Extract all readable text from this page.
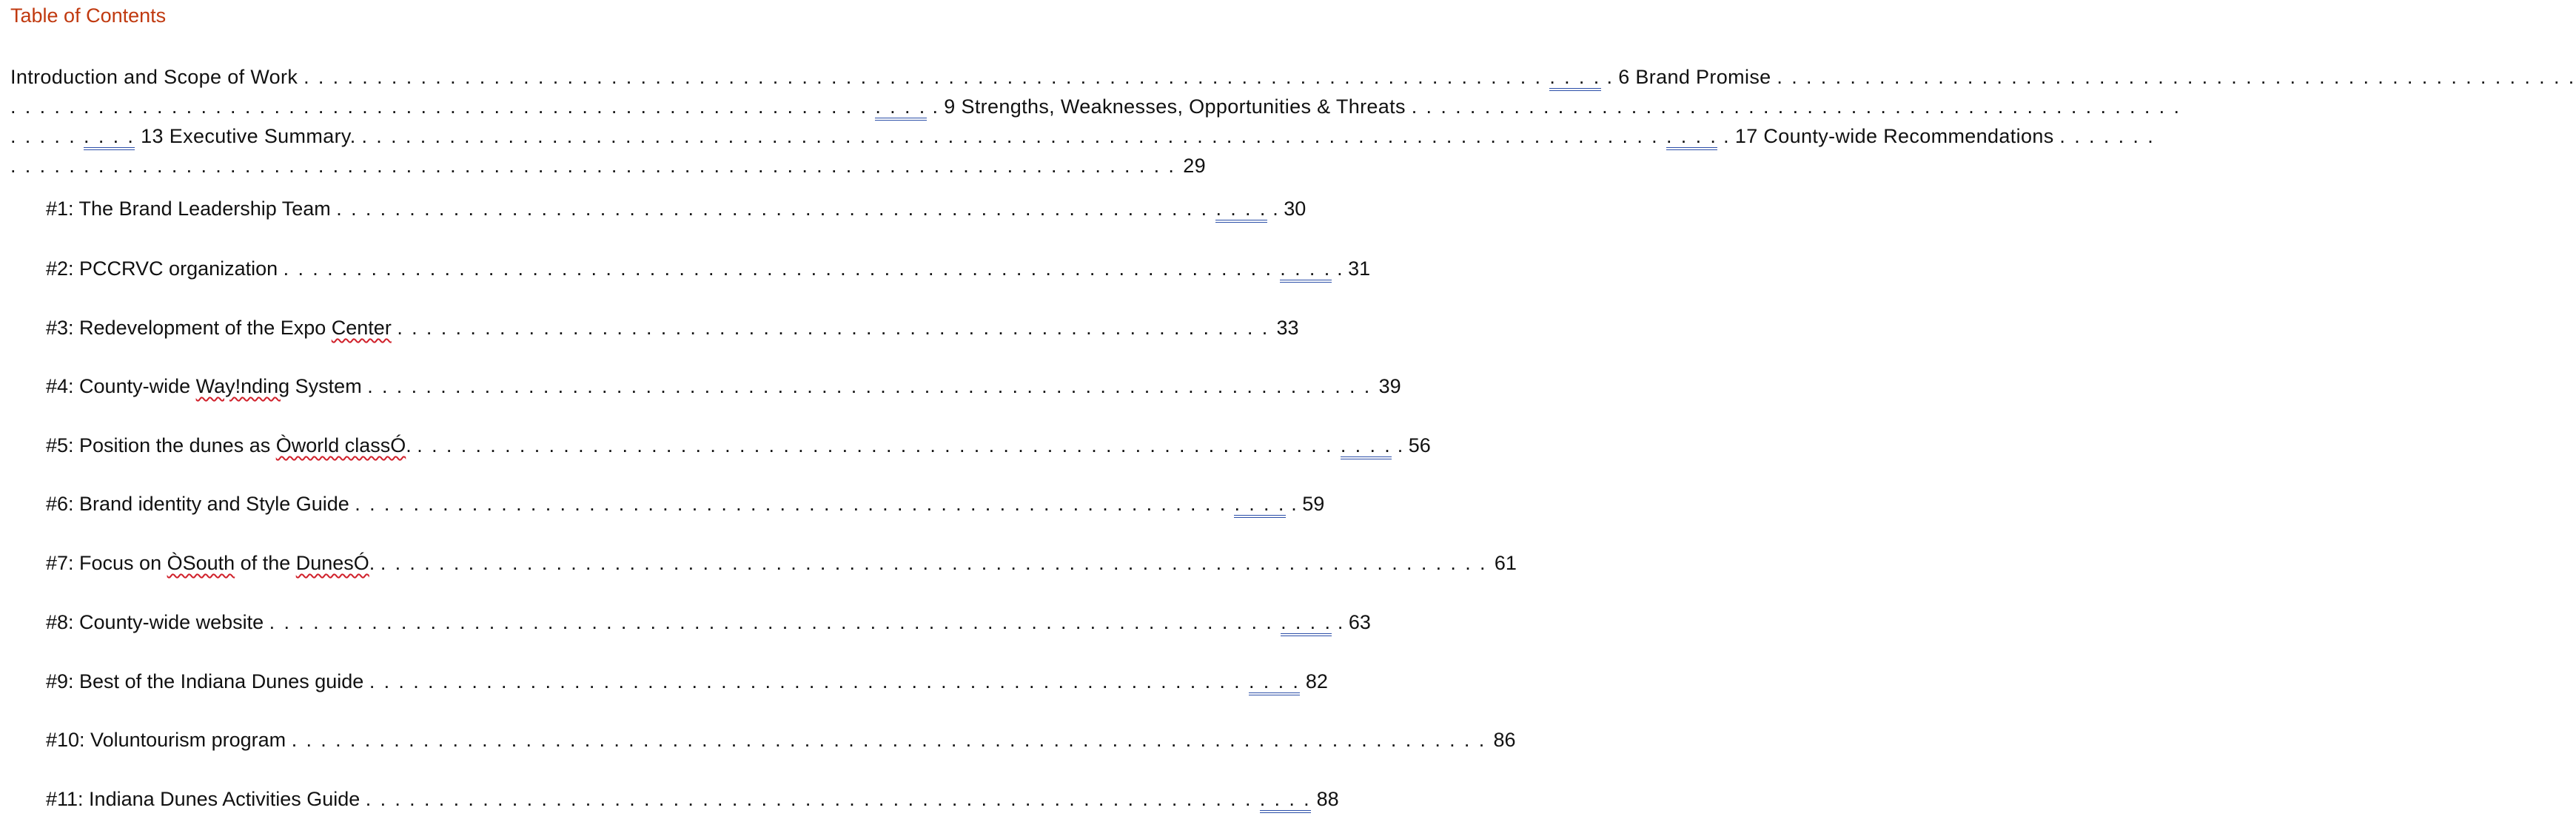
Table of Contents
Introduction and Scope of Work . . . . . . . . . . . . . . . . . . . . . . . . . . . . . . . . . . . . . . . . . . . . . . . . . . . . . . . . . . . . . . . . . . . . . . . . . . . . . . . . . . . . . . . . . . 6 Brand Promise . . . . . . . . . . . . . . . . . . . . . . . . . . . . . . . . . . . . . . . . . . . . . . . . . . . . . . .
. . . . . . . . . . . . . . . . . . . . . . . . . . . . . . . . . . . . . . . . . . . . . . . . . . . . . . . . . . . . . . . . 9 Strengths, Weaknesses, Opportunities & Threats . . . . . . . . . . . . . . . . . . . . . . . . . . . . . . . . . . . . . . . . . . . . . . . . . . . . .
. . . . . . . . . 13 Executive Summary. . . . . . . . . . . . . . . . . . . . . . . . . . . . . . . . . . . . . . . . . . . . . . . . . . . . . . . . . . . . . . . . . . . . . . . . . . . . . . . . . . . . . . . . . . . . . . . 17 County-wide Recommendations . . . . . . .
. . . . . . . . . . . . . . . . . . . . . . . . . . . . . . . . . . . . . . . . . . . . . . . . . . . . . . . . . . . . . . . . . . . . . . . . . . . . . . . . 29
#1: The Brand Leadership Team . . . . . . . . . . . . . . . . . . . . . . . . . . . . . . . . . . . . . . . . . . . . . . . . . . . . . . . . . . . . . . . . . 30
#2: PCCRVC organization . . . . . . . . . . . . . . . . . . . . . . . . . . . . . . . . . . . . . . . . . . . . . . . . . . . . . . . . . . . . . . . . . . . . . . . . . 31
#3: Redevelopment of the Expo Center . . . . . . . . . . . . . . . . . . . . . . . . . . . . . . . . . . . . . . . . . . . . . . . . . . . . . . . . . . . . 33
#4: County-wide Way!nding System . . . . . . . . . . . . . . . . . . . . . . . . . . . . . . . . . . . . . . . . . . . . . . . . . . . . . . . . . . . . . . . . . . . . . 39
#5: Position the dunes as Òworld classÓ. . . . . . . . . . . . . . . . . . . . . . . . . . . . . . . . . . . . . . . . . . . . . . . . . . . . . . . . . . . . . . . . . . . . . 56
#6: Brand identity and Style Guide . . . . . . . . . . . . . . . . . . . . . . . . . . . . . . . . . . . . . . . . . . . . . . . . . . . . . . . . . . . . . . . . . 59
#7: Focus on ÒSouth of the DunesÓ. . . . . . . . . . . . . . . . . . . . . . . . . . . . . . . . . . . . . . . . . . . . . . . . . . . . . . . . . . . . . . . . . . . . . . . . . . . . . 61
#8: County-wide website . . . . . . . . . . . . . . . . . . . . . . . . . . . . . . . . . . . . . . . . . . . . . . . . . . . . . . . . . . . . . . . . . . . . . . . . . . 63
#9: Best of the Indiana Dunes guide . . . . . . . . . . . . . . . . . . . . . . . . . . . . . . . . . . . . . . . . . . . . . . . . . . . . . . . . . . . . . . . . 82
#10: Voluntourism program . . . . . . . . . . . . . . . . . . . . . . . . . . . . . . . . . . . . . . . . . . . . . . . . . . . . . . . . . . . . . . . . . . . . . . . . . . . . . . . . . . 86
#11: Indiana Dunes Activities Guide . . . . . . . . . . . . . . . . . . . . . . . . . . . . . . . . . . . . . . . . . . . . . . . . . . . . . . . . . . . . . . . . . 88
